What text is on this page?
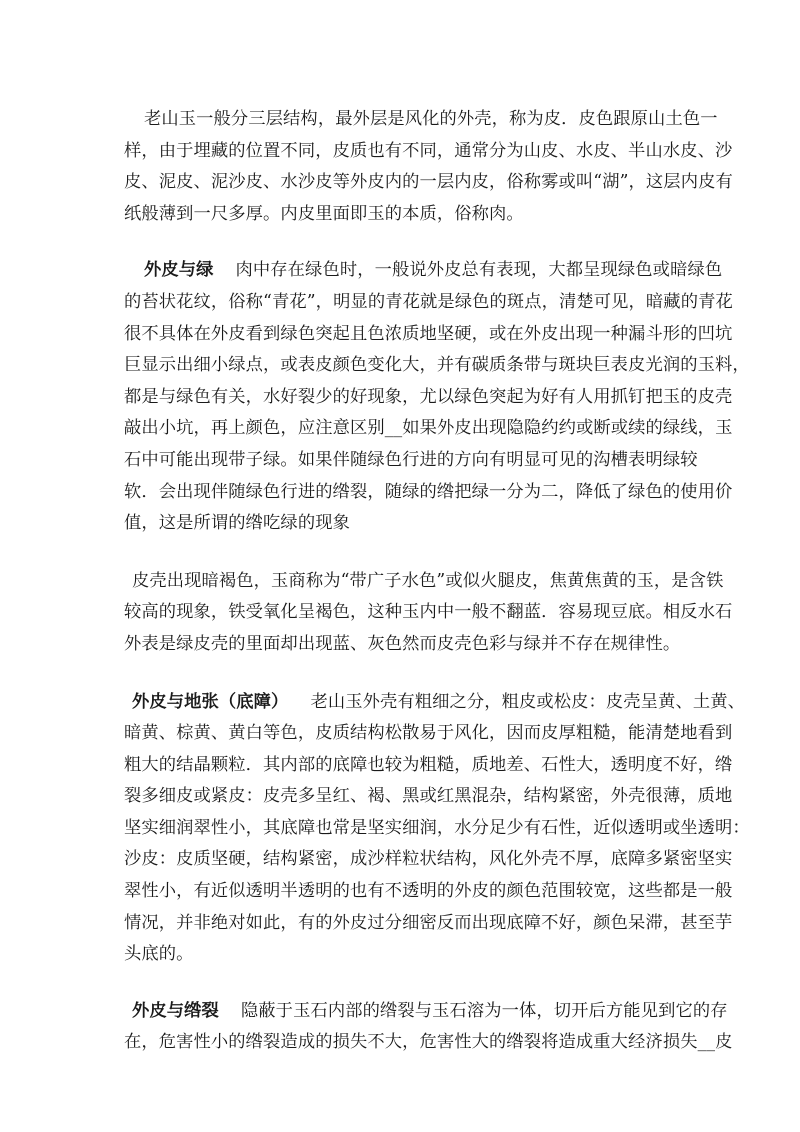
老山玉一般分三层结构，最外层是风化的外壳，称为皮．皮色跟原山土色一

样，由于埋藏的位置不同，皮质也有不同，通常分为山皮、水皮、半山水皮、沙
皮、泥皮、泥沙皮、水沙皮等外皮内的一层内皮，俗称雾或叫“湖”，这层内皮有
纸般薄到一尺多厚。内皮里面即玉的本质，俗称肉。

外皮与绿 肉中存在绿色时，一般说外皮总有表现，大都呈现绿色或暗绿色
的苔状花纹，俗称“青花”，明显的青花就是绿色的斑点，清楚可见，暗藏的青花
很不具体在外皮看到绿色突起且色浓质地坚硬，或在外皮出现一种漏斗形的凹坑
巨显示出细小绿点，或表皮颜色变化大，并有碳质条带与斑块巨表皮光润的玉料，
都是与绿色有关，水好裂少的好现象，尤以绿色突起为好有人用抓钉把玉的皮壳
敲出小坑，再上颜色，应注意区别__如果外皮出现隐隐约约或断或续的绿线，玉
石中可能出现带子绿。如果伴随绿色行进的方向有明显可见的沟槽表明绿较
软．会出现伴随绿色行进的绺裂，随绿的绺把绿一分为二，降低了绿色的使用价
值，这是所谓的绺吃绿的现象

皮壳出现暗褐色，玉商称为“带广子水色”或似火腿皮，焦黄焦黄的玉，是含铁
较高的现象，铁受氧化呈褐色，这种玉内中一般不翻蓝．容易现豆底。相反水石
外表是绿皮壳的里面却出现蓝、灰色然而皮壳色彩与绿并不存在规律性。

外皮与地张（底障） 老山玉外壳有粗细之分，粗皮或松皮：皮壳呈黄、土黄、
暗黄、棕黄、黄白等色，皮质结构松散易于风化，因而皮厚粗糙，能清楚地看到
粗大的结晶颗粒．其内部的底障也较为粗糙，质地差、石性大，透明度不好，绺
裂多细皮或紧皮：皮壳多呈红、褐、黑或红黑混杂，结构紧密，外壳很薄，质地
坚实细润翠性小，其底障也常是坚实细润，水分足少有石性，近似透明或坐透明：
沙皮：皮质坚硬，结构紧密，成沙样粒状结构，风化外壳不厚，底障多紧密坚实
翠性小，有近似透明半透明的也有不透明的外皮的颜色范围较宽，这些都是一般
情况，并非绝对如此，有的外皮过分细密反而出现底障不好，颜色呆滞，甚至芋
头底的。

外皮与绺裂 隐蔽于玉石内部的绺裂与玉石溶为一体，切开后方能见到它的存
在，危害性小的绺裂造成的损失不大，危害性大的绺裂将造成重大经济损失__皮
